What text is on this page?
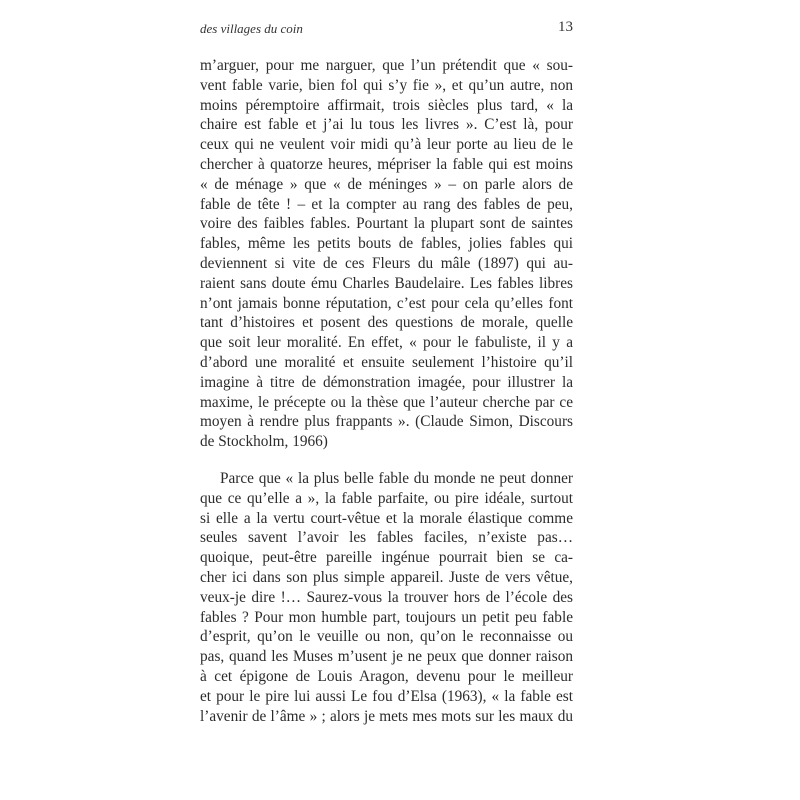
des villages du coin	13
m’arguer, pour me narguer, que l’un prétendit que « sou-
vent fable varie, bien fol qui s’y fie », et qu’un autre, non
moins péremptoire affirmait, trois siècles plus tard, « la
chaire est fable et j’ai lu tous les livres ». C’est là, pour
ceux qui ne veulent voir midi qu’à leur porte au lieu de le
chercher à quatorze heures, mépriser la fable qui est moins
« de ménage » que « de méninges » – on parle alors de
fable de tête ! – et la compter au rang des fables de peu,
voire des faibles fables. Pourtant la plupart sont de saintes
fables, même les petits bouts de fables, jolies fables qui
deviennent si vite de ces Fleurs du mâle (1897) qui au-
raient sans doute ému Charles Baudelaire. Les fables libres
n’ont jamais bonne réputation, c’est pour cela qu’elles font
tant d’histoires et posent des questions de morale, quelle
que soit leur moralité. En effet, « pour le fabuliste, il y a
d’abord une moralité et ensuite seulement l’histoire qu’il
imagine à titre de démonstration imagée, pour illustrer la
maxime, le précepte ou la thèse que l’auteur cherche par ce
moyen à rendre plus frappants ». (Claude Simon, Discours
de Stockholm, 1966)
Parce que « la plus belle fable du monde ne peut donner
que ce qu’elle a », la fable parfaite, ou pire idéale, surtout
si elle a la vertu court-vêtue et la morale élastique comme
seules savent l’avoir les fables faciles, n’existe pas…
quoique, peut-être pareille ingénue pourrait bien se ca-
cher ici dans son plus simple appareil. Juste de vers vêtue,
veux-je dire !… Saurez-vous la trouver hors de l’école des
fables ? Pour mon humble part, toujours un petit peu fable
d’esprit, qu’on le veuille ou non, qu’on le reconnaisse ou
pas, quand les Muses m’usent je ne peux que donner raison
à cet épigone de Louis Aragon, devenu pour le meilleur
et pour le pire lui aussi Le fou d’Elsa (1963), « la fable est
l’avenir de l’âme » ; alors je mets mes mots sur les maux du
